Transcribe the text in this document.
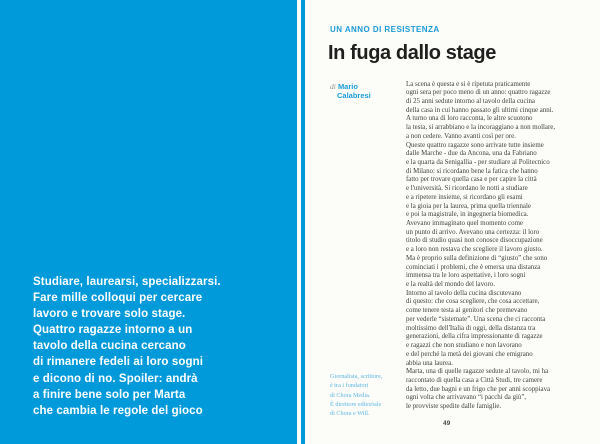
Studiare, laurearsi, specializzarsi.
Fare mille colloqui per cercare
lavoro e trovare solo stage.
Quattro ragazze intorno a un
tavolo della cucina cercano
di rimanere fedeli ai loro sogni
e dicono di no. Spoiler: andrà
a finire bene solo per Marta
che cambia le regole del gioco
UN ANNO DI RESISTENZA
In fuga dallo stage
di Mario
Calabresi
La scena è questa e si è ripetuta praticamente
ogni sera per poco meno di un anno: quattro ragazze
di 25 anni sedute intorno al tavolo della cucina
della casa in cui hanno passato gli ultimi cinque anni.
A turno una di loro racconta, le altre scuotono
la testa, si arrabbiano e la incoraggiano a non mollare,
a non cedere. Vanno avanti così per ore.
Queste quattro ragazze sono arrivate tutte insieme
dalle Marche - due da Ancona, una da Fabriano
e la quarta da Senigallia - per studiare al Politecnico
di Milano: si ricordano bene la fatica che hanno
fatto per trovare quella casa e per capire la città
e l'università. Si ricordano le notti a studiare
e a ripetere insieme, si ricordano gli esami
e la gioia per la laurea, prima quella triennale
e poi la magistrale, in ingegneria biomedica.
Avevano immaginato quel momento come
un punto di arrivo. Avevano una certezza: il loro
titolo di studio quasi non conosce disoccupazione
e a loro non restava che scegliere il lavoro giusto.
Ma è proprio sulla definizione di “giusto” che sono
cominciati i problemi, che è emersa una distanza
immensa tra le loro aspettative, i loro sogni
e la realtà del mondo del lavoro.
Intorno al tavolo della cucina discutevano
di questo: che cosa scegliere, che cosa accettare,
come tenere testa ai genitori che premevano
per vederle “sistemate”. Una scena che ci racconta
moltissimo dell'Italia di oggi, della distanza tra
generazioni, della cifra impressionante di ragazze
e ragazzi che non studiano e non lavorano
e del perché la metà dei giovani che emigrano
abbia una laurea.
Marta, una di quelle ragazze sedute al tavolo, mi ha
raccontato di quella casa a Città Studi, tre camere
da letto, due bagni e un frigo che per anni scoppiava
ogni volta che arrivavano “i pacchi da giù”,
le provviste spedite dalle famiglie.
Giornalista, scrittore,
è tra i fondatori
di Chora Media.
È direttore editoriale
di Chora e Will.
49
